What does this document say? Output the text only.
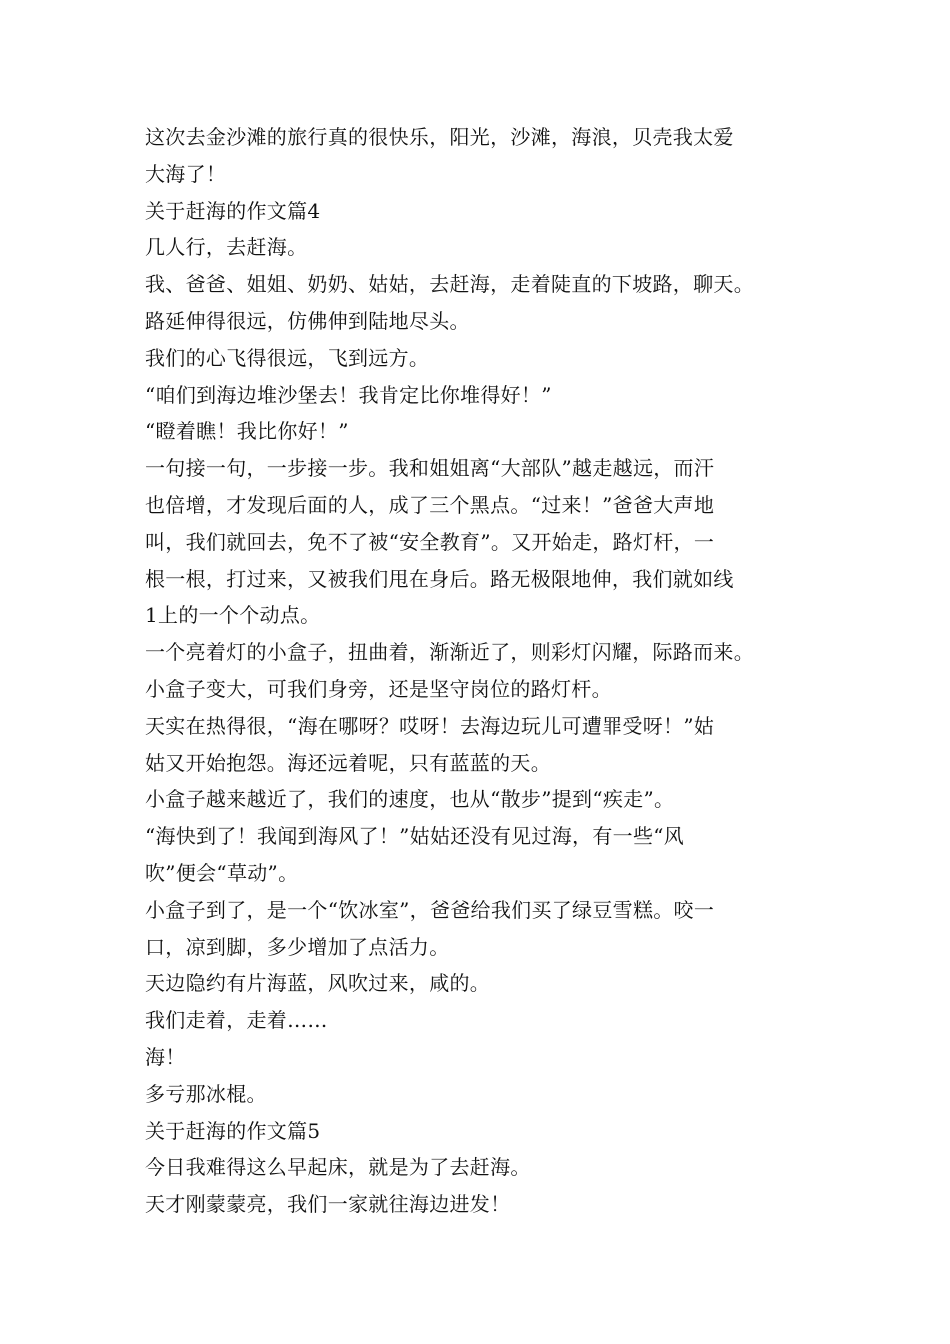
这次去金沙滩的旅行真的很快乐，阳光，沙滩，海浪，贝壳我太爱

大海了！

关于赶海的作文篇4

几人行，去赶海。

我、爸爸、姐姐、奶奶、姑姑，去赶海，走着陡直的下坡路，聊天。

路延伸得很远，仿佛伸到陆地尽头。

我们的心飞得很远，飞到远方。

“咱们到海边堆沙堡去！我肯定比你堆得好！”

“瞪着瞧！我比你好！”

一句接一句，一步接一步。我和姐姐离“大部队”越走越远，而汗

也倍增，才发现后面的人，成了三个黑点。“过来！”爸爸大声地

叫，我们就回去，免不了被“安全教育”。又开始走，路灯杆，一

根一根，打过来，又被我们甩在身后。路无极限地伸，我们就如线

1上的一个个动点。

一个亮着灯的小盒子，扭曲着，渐渐近了，则彩灯闪耀，际路而来。

小盒子变大，可我们身旁，还是坚守岗位的路灯杆。

天实在热得很，“海在哪呀？哎呀！去海边玩儿可遭罪受呀！”姑

姑又开始抱怨。海还远着呢，只有蓝蓝的天。

小盒子越来越近了，我们的速度，也从“散步”提到“疾走”。

“海快到了！我闻到海风了！”姑姑还没有见过海，有一些“风

吹”便会“草动”。

小盒子到了，是一个“饮冰室”，爸爸给我们买了绿豆雪糕。咬一

口，凉到脚，多少增加了点活力。

天边隐约有片海蓝，风吹过来，咸的。

我们走着，走着……

海！

多亏那冰棍。

关于赶海的作文篇5

今日我难得这么早起床，就是为了去赶海。

天才刚蒙蒙亮，我们一家就往海边进发！
